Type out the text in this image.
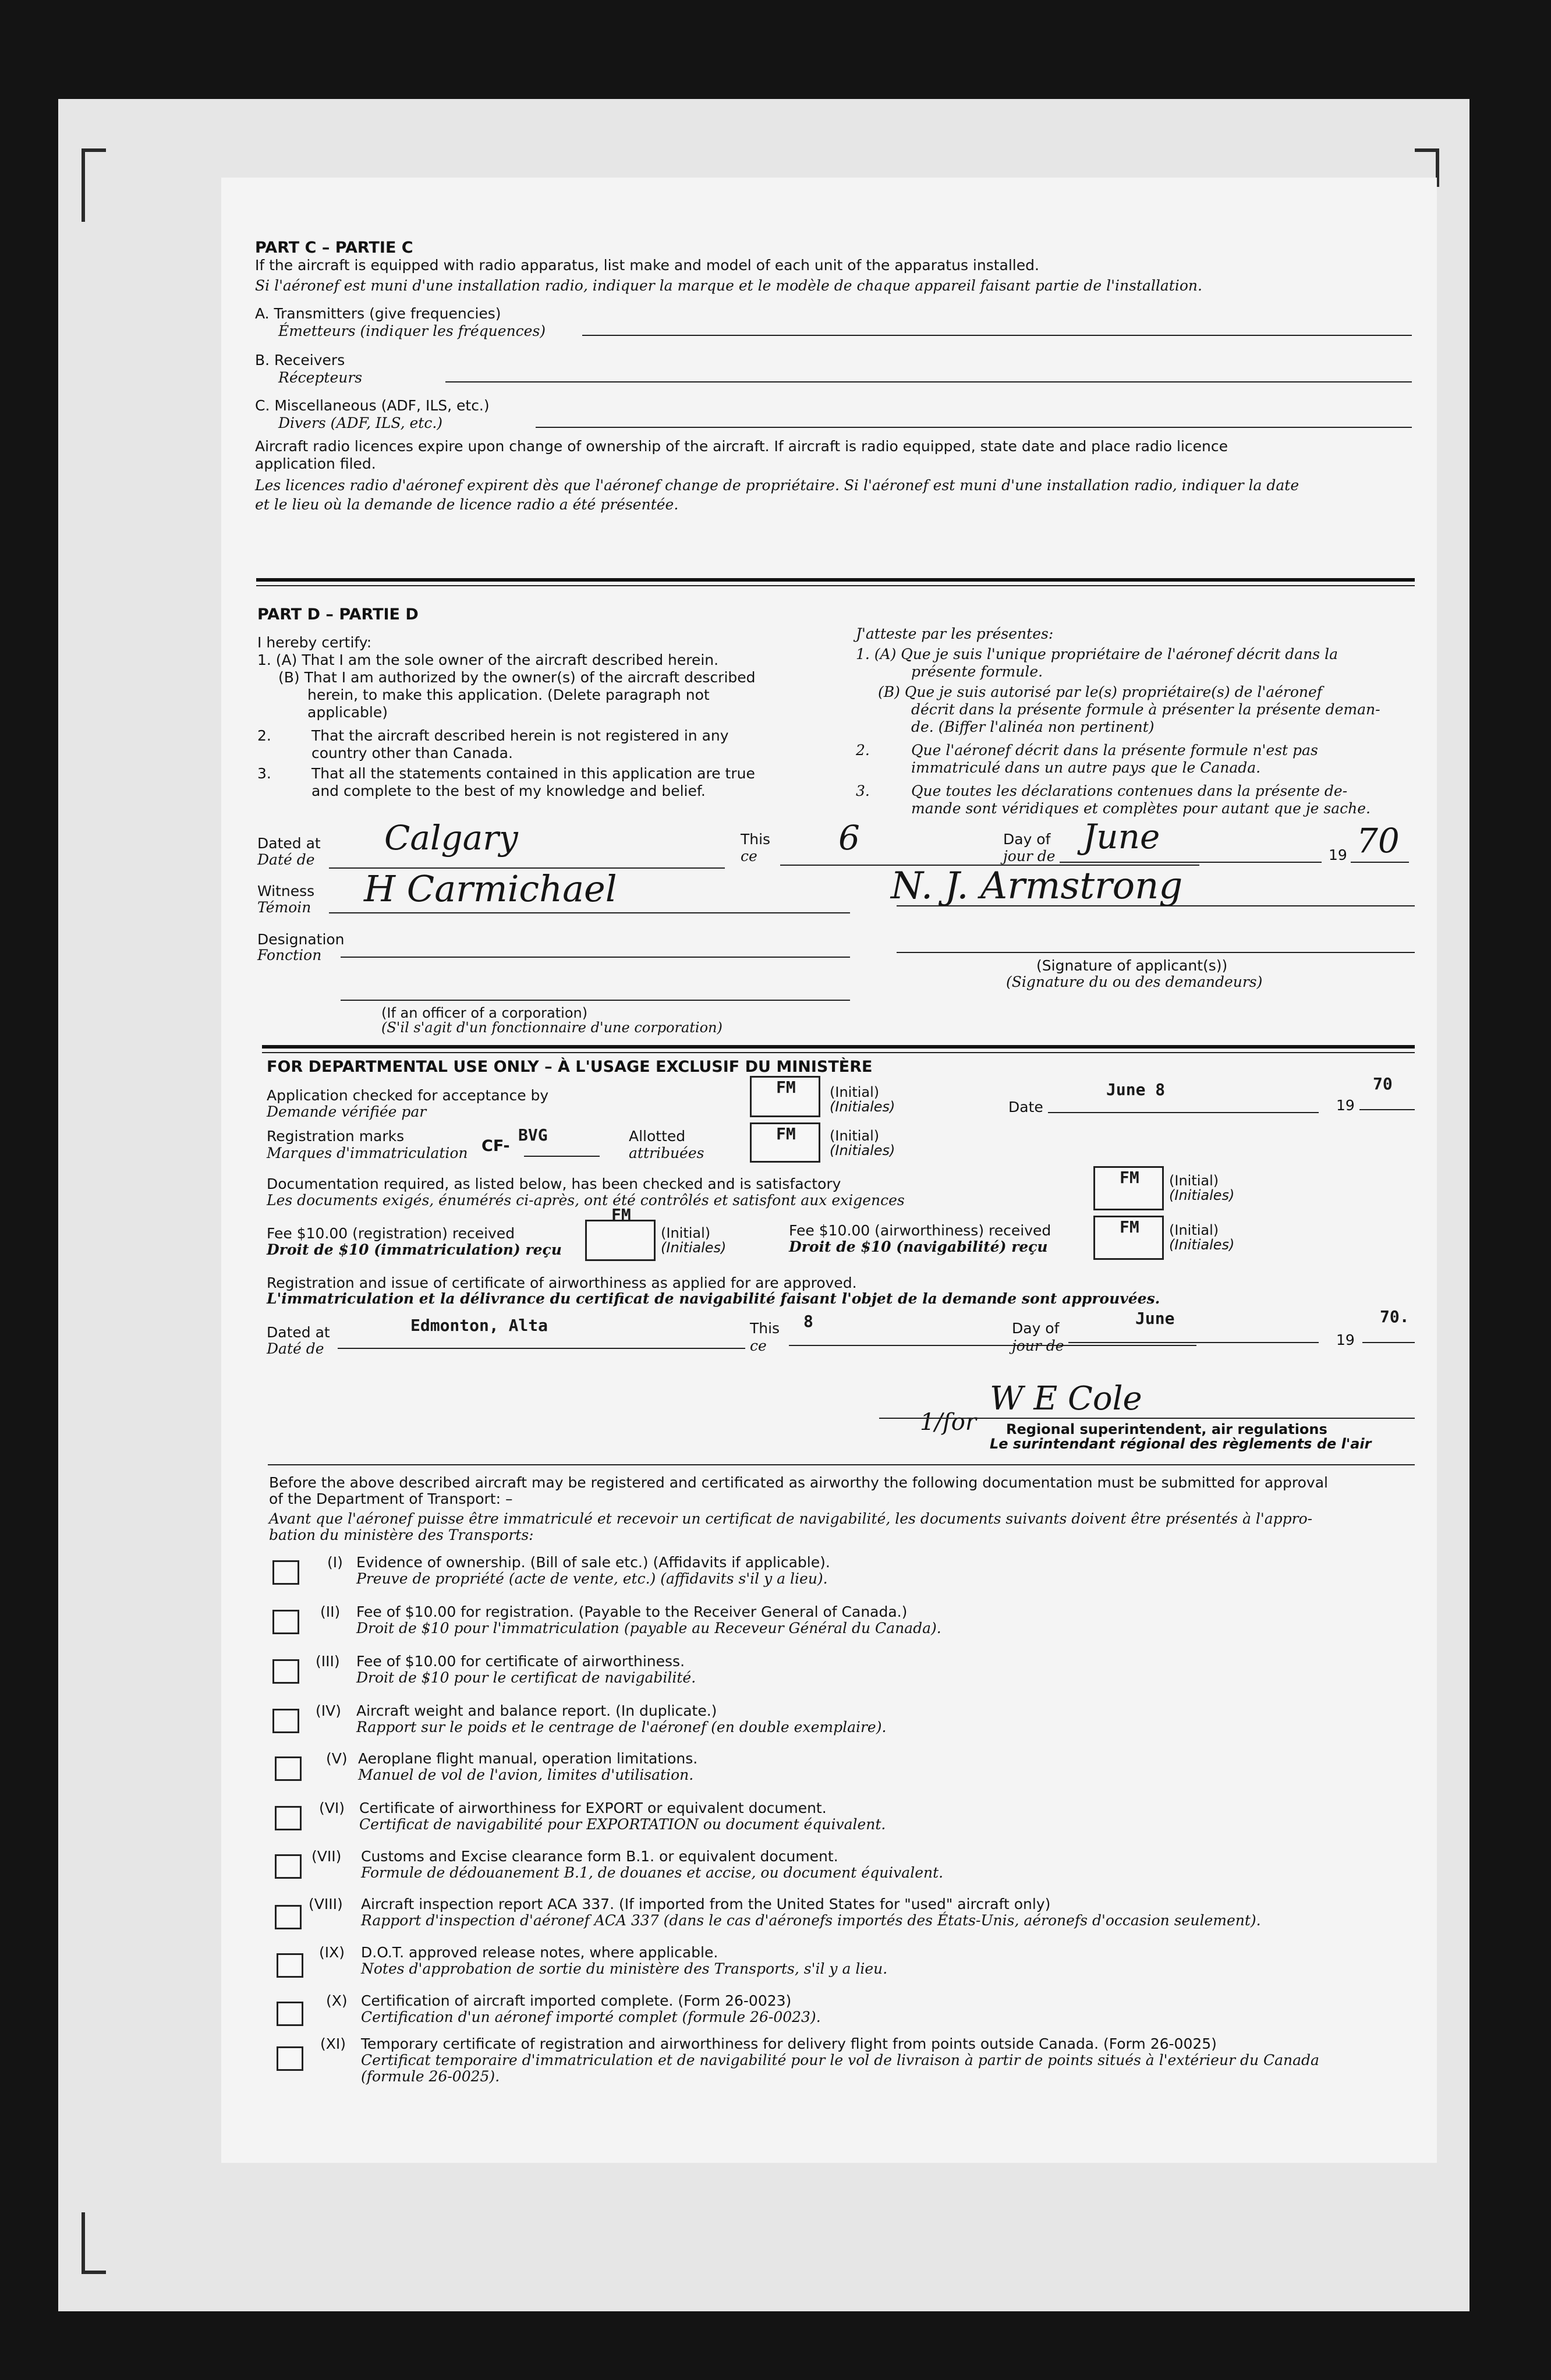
PART C – PARTIE C
If the aircraft is equipped with radio apparatus, list make and model of each unit of the apparatus installed.
Si l'aéronef est muni d'une installation radio, indiquer la marque et le modèle de chaque appareil faisant partie de l'installation.
A. Transmitters (give frequencies)
Émetteurs (indiquer les fréquences)
B. Receivers
Récepteurs
C. Miscellaneous (ADF, ILS, etc.)
Divers (ADF, ILS, etc.)
Aircraft radio licences expire upon change of ownership of the aircraft. If aircraft is radio equipped, state date and place radio licence
application filed.
Les licences radio d'aéronef expirent dès que l'aéronef change de propriétaire. Si l'aéronef est muni d'une installation radio, indiquer la date
et le lieu où la demande de licence radio a été présentée.
PART D – PARTIE D
I hereby certify:
1. (A) That I am the sole owner of the aircraft described herein.
(B) That I am authorized by the owner(s) of the aircraft described
herein, to make this application. (Delete paragraph not
applicable)
2.	That the aircraft described herein is not registered in any
country other than Canada.
3.	That all the statements contained in this application are true
and complete to the best of my knowledge and belief.
J'atteste par les présentes:
1. (A) Que je suis l'unique propriétaire de l'aéronef décrit dans la
présente formule.
(B) Que je suis autorisé par le(s) propriétaire(s) de l'aéronef
décrit dans la présente formule à présenter la présente deman-
de. (Biffer l'alinéa non pertinent)
2.	Que l'aéronef décrit dans la présente formule n'est pas
immatriculé dans un autre pays que le Canada.
3.	Que toutes les déclarations contenues dans la présente de-
mande sont véridiques et complètes pour autant que je sache.
Dated at
Daté de
Calgary	This
ce 6	Day of
jour de June	19 70
Witness
Témoin H Carmichael	N. J. Armstrong
Designation
Fonction
(Signature of applicant(s))
(Signature du ou des demandeurs)
(If an officer of a corporation)
(S'il s'agit d'un fonctionnaire d'une corporation)
FOR DEPARTMENTAL USE ONLY – À L'USAGE EXCLUSIF DU MINISTÈRE
Application checked for acceptance by
Demande vérifiée par
FM (Initial)
(Initiales)	Date
June 8
19
70
Registration marks
Marques d'immatriculation CF-
BVG	Allotted
attribuées
FM (Initial)
(Initiales)
Documentation required, as listed below, has been checked and is satisfactory
Les documents exigés, énumérés ci-après, ont été contrôlés et satisfont aux exigences
FM (Initial)
(Initiales)
Fee $10.00 (registration) received
Droit de $10 (immatriculation) reçu
FM
(Initial)
(Initiales)
Fee $10.00 (airworthiness) received
Droit de $10 (navigabilité) reçu
FM (Initial)
(Initiales)
Registration and issue of certificate of airworthiness as applied for are approved.
L'immatriculation et la délivrance du certificat de navigabilité faisant l'objet de la demande sont approuvées.
Dated at
Daté de
Edmonton, Alta	This
ce
8	Day of
jour de
June
19
70.
W E Cole
1/for Regional superintendent, air regulations
Le surintendant régional des règlements de l'air
Before the above described aircraft may be registered and certificated as airworthy the following documentation must be submitted for approval
of the Department of Transport: –
Avant que l'aéronef puisse être immatriculé et recevoir un certificat de navigabilité, les documents suivants doivent être présentés à l'appro-
bation du ministère des Transports:
(I) Evidence of ownership. (Bill of sale etc.) (Affidavits if applicable).
Preuve de propriété (acte de vente, etc.) (affidavits s'il y a lieu).
(II) Fee of $10.00 for registration. (Payable to the Receiver General of Canada.)
Droit de $10 pour l'immatriculation (payable au Receveur Général du Canada).
(III) Fee of $10.00 for certificate of airworthiness.
Droit de $10 pour le certificat de navigabilité.
(IV) Aircraft weight and balance report. (In duplicate.)
Rapport sur le poids et le centrage de l'aéronef (en double exemplaire).
(V) Aeroplane flight manual, operation limitations.
Manuel de vol de l'avion, limites d'utilisation.
(VI) Certificate of airworthiness for EXPORT or equivalent document.
Certificat de navigabilité pour EXPORTATION ou document équivalent.
(VII) Customs and Excise clearance form B.1. or equivalent document.
Formule de dédouanement B.1, de douanes et accise, ou document équivalent.
(VIII) Aircraft inspection report ACA 337. (If imported from the United States for "used" aircraft only)
Rapport d'inspection d'aéronef ACA 337 (dans le cas d'aéronefs importés des États-Unis, aéronefs d'occasion seulement).
(IX) D.O.T. approved release notes, where applicable.
Notes d'approbation de sortie du ministère des Transports, s'il y a lieu.
(X) Certification of aircraft imported complete. (Form 26-0023)
Certification d'un aéronef importé complet (formule 26-0023).
(XI) Temporary certificate of registration and airworthiness for delivery flight from points outside Canada. (Form 26-0025)
Certificat temporaire d'immatriculation et de navigabilité pour le vol de livraison à partir de points situés à l'extérieur du Canada
(formule 26-0025).
